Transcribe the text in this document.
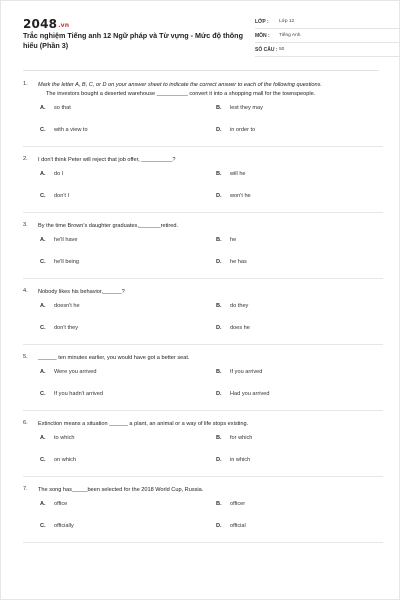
2048.vn
Trắc nghiệm Tiếng anh 12 Ngữ pháp và Từ vựng - Mức độ thông hiểu (Phần 3)
LỚP : Lớp 12
MÔN : Tiếng Anh
SỐ CÂU : 50
1. Mark the letter A, B, C, or D on your answer sheet to indicate the correct answer to each of the following questions.
The investors bought a deserted warehouse __________ convert it into a shopping mall for the townspeople.
A. so that	B. lest they may
C. with a view to	D. in order to
2. I don't think Peter will reject that job offer, __________?
A. do I	B. will he
C. don't I	D. won't he
3. By the time Brown's daughter graduates,_______retired.
A. he'll have	B. he
C. he'll being	D. he has
4. Nobody likes his behavior,______?
A. doesn't he	B. do they
C. don't they	D. does he
5. ______ ten minutes earlier, you would have got a better seat.
A. Were you arrived	B. If you arrived
C. If you hadn't arrived	D. Had you arrived
6. Extinction means a situation ______ a plant, an animal or a way of life stops existing.
A. to which	B. for which
C. on which	D. in which
7. The song has_____been selected for the 2018 World Cup, Russia.
A. office	B. officer
C. officially	D. official
